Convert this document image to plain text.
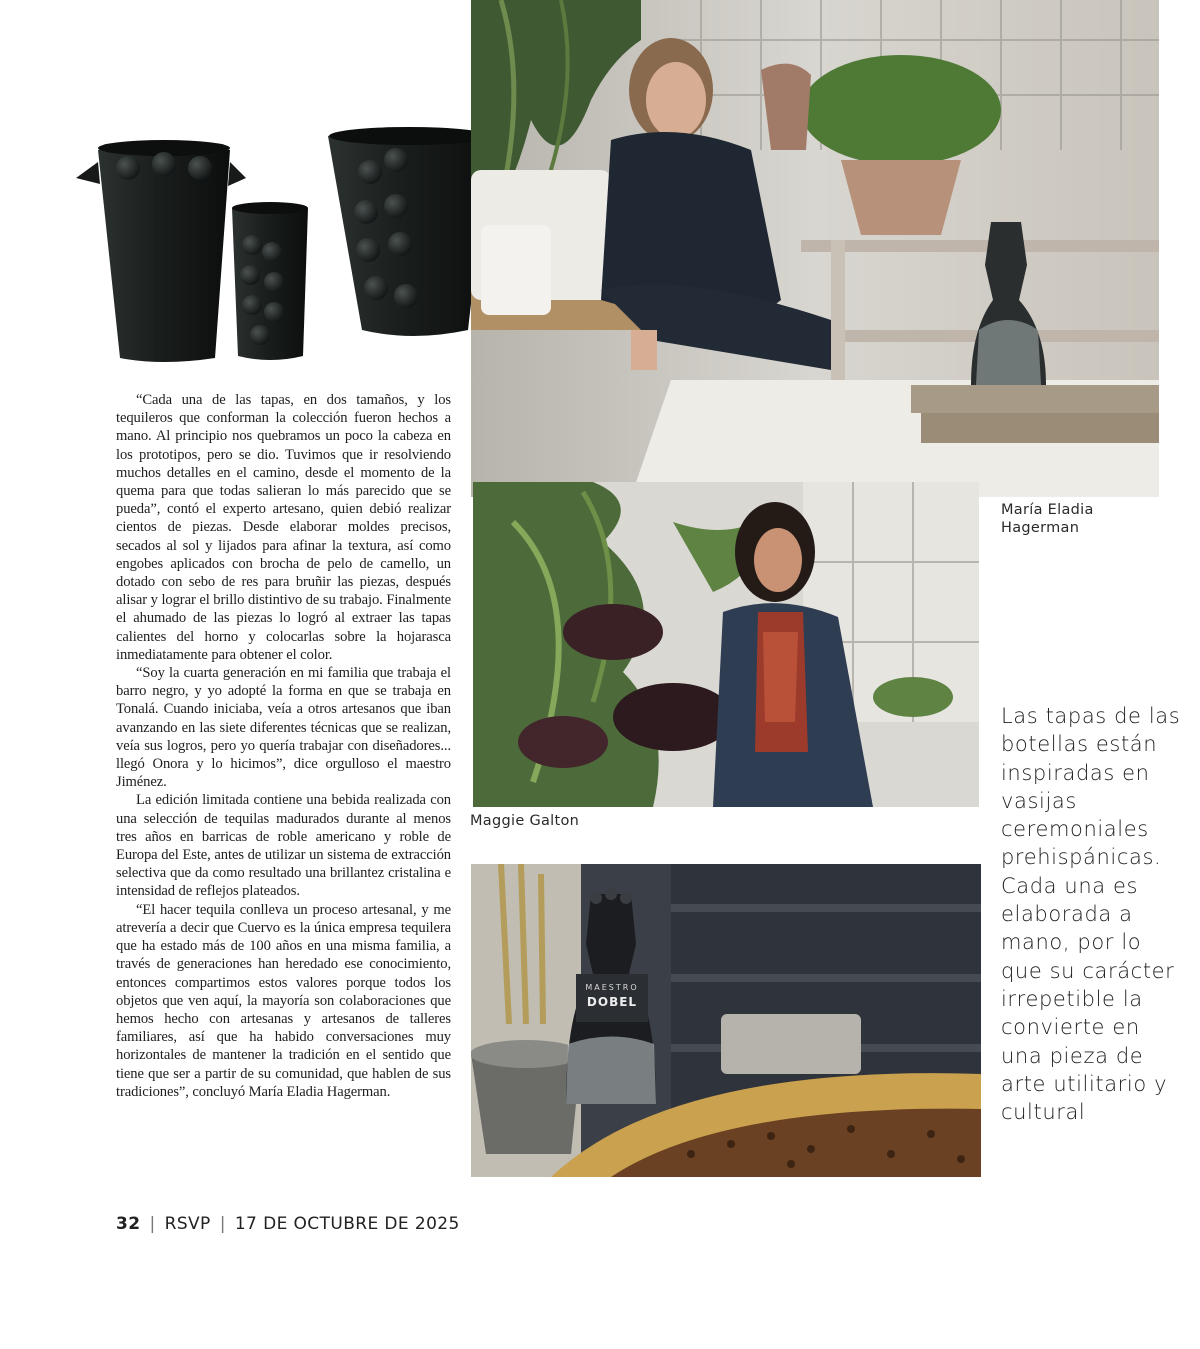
“Cada una de las tapas, en dos tamaños, y los tequileros que conforman la colección fueron hechos a mano. Al principio nos quebramos un poco la cabeza en los prototipos, pero se dio. Tuvimos que ir resolviendo muchos detalles en el camino, desde el momento de la quema para que todas salieran lo más parecido que se pueda”, contó el experto artesano, quien debió realizar cientos de piezas. Desde elaborar moldes precisos, secados al sol y lijados para afinar la textura, así como engobes aplicados con brocha de pelo de camello, un dotado con sebo de res para bruñir las piezas, después alisar y lograr el brillo distintivo de su trabajo. Finalmente el ahumado de las piezas lo logró al extraer las tapas calientes del horno y colocarlas sobre la hojarasca inmediatamente para obtener el color.

“Soy la cuarta generación en mi familia que trabaja el barro negro, y yo adopté la forma en que se trabaja en Tonalá. Cuando iniciaba, veía a otros artesanos que iban avanzando en las siete diferentes técnicas que se realizan, veía sus logros, pero yo quería trabajar con diseñadores... llegó Onora y lo hicimos”, dice orgulloso el maestro Jiménez.

La edición limitada contiene una bebida realizada con una selección de tequilas madurados durante al menos tres años en barricas de roble americano y roble de Europa del Este, antes de utilizar un sistema de extracción selectiva que da como resultado una brillantez cristalina e intensidad de reflejos plateados.

“El hacer tequila conlleva un proceso artesanal, y me atrevería a decir que Cuervo es la única empresa tequilera que ha estado más de 100 años en una misma familia, a través de generaciones han heredado ese conocimiento, entonces compartimos estos valores porque todos los objetos que ven aquí, la mayoría son colaboraciones que hemos hecho con artesanas y artesanos de talleres familiares, así que ha habido conversaciones muy horizontales de mantener la tradición en el sentido que tiene que ser a partir de su comunidad, que hablen de sus tradiciones”, concluyó María Eladia Hagerman.

MAESTRO
DOBEL
María Eladia Hagerman
Maggie Galton
Las tapas de las botellas están inspiradas en vasijas ceremoniales prehispánicas. Cada una es elaborada a mano, por lo que su carácter irrepetible la convierte en una pieza de arte utilitario y cultural
32 | RSVP | 17 DE OCTUBRE DE 2025
